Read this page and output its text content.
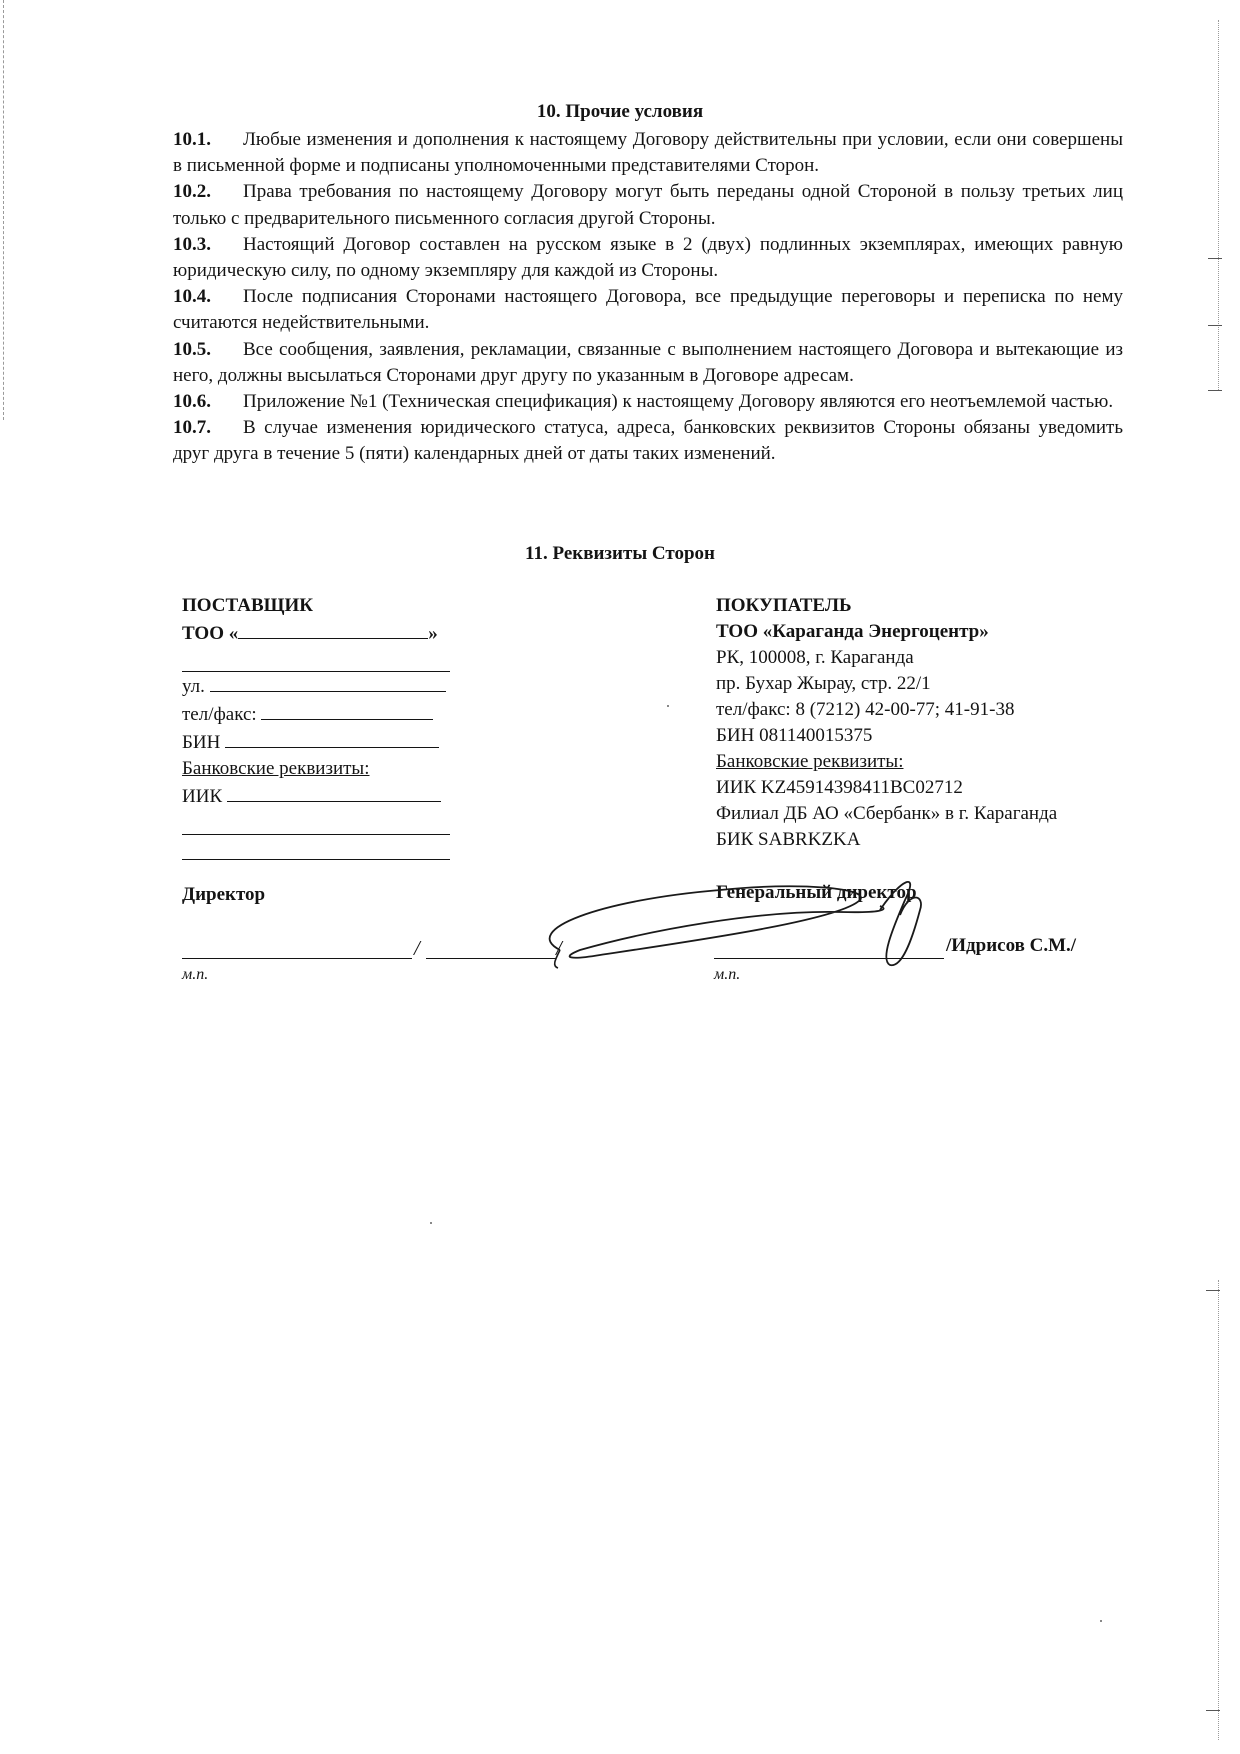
10. Прочие условия

10.1. Любые изменения и дополнения к настоящему Договору действительны при условии, если они совершены в письменной форме и подписаны уполномоченными представителями Сторон.

10.2. Права требования по настоящему Договору могут быть переданы одной Стороной в пользу третьих лиц только с предварительного письменного согласия другой Стороны.

10.3. Настоящий Договор составлен на русском языке в 2 (двух) подлинных экземплярах, имеющих равную юридическую силу, по одному экземпляру для каждой из Стороны.

10.4. После подписания Сторонами настоящего Договора, все предыдущие переговоры и переписка по нему считаются недействительными.

10.5. Все сообщения, заявления, рекламации, связанные с выполнением настоящего Договора и вытекающие из него, должны высылаться Сторонами друг другу по указанным в Договоре адресам.

10.6. Приложение №1 (Техническая спецификация) к настоящему Договору являются его неотъемлемой частью.

10.7. В случае изменения юридического статуса, адреса, банковских реквизитов Стороны обязаны уведомить друг друга в течение 5 (пяти) календарных дней от даты таких изменений.

11. Реквизиты Сторон
ПОСТАВЩИК
ТОО «	»
ул.
тел/факс:
БИН
Банковские реквизиты:
ИИК
ПОКУПАТЕЛЬ
ТОО «Караганда Энергоцентр»
РК, 100008, г. Караганда
пр. Бухар Жырау, стр. 22/1
тел/факс: 8 (7212) 42-00-77; 41-91-38
БИН 081140015375
Банковские реквизиты:
ИИК KZ45914398411BC02712
Филиал ДБ АО «Сбербанк» в г. Караганда
БИК SABRKZKA
Директор	Генеральный директор
/	/	/Идрисов С.М./
м.п.	м.п.
